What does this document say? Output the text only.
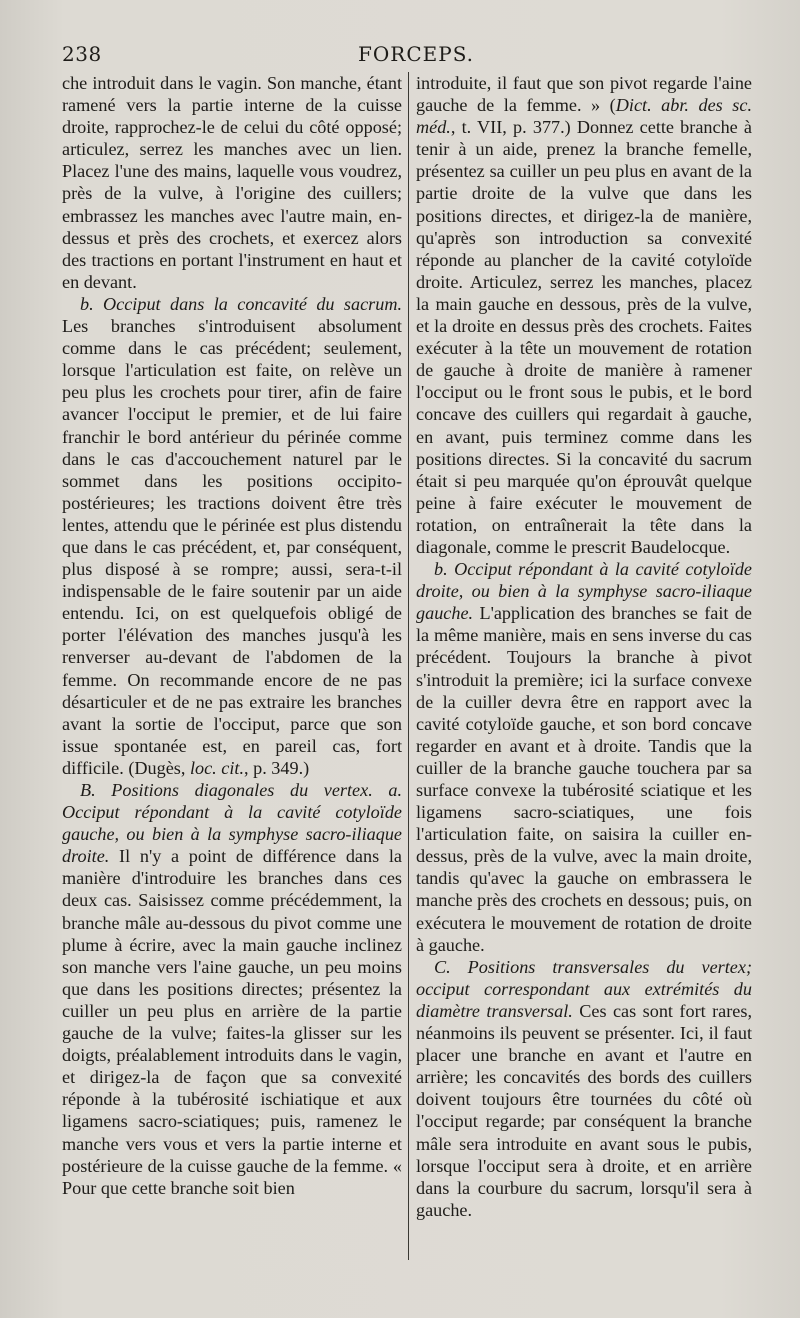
238	FORCEPS.

che introduit dans le vagin. Son manche, étant ramené vers la partie interne de la cuisse droite, rapprochez-le de celui du côté opposé; articulez, serrez les manches avec un lien. Placez l'une des mains, laquelle vous voudrez, près de la vulve, à l'origine des cuillers; embrassez les manches avec l'autre main, en-dessus et près des crochets, et exercez alors des tractions en portant l'instrument en haut et en devant.

b. Occiput dans la concavité du sacrum. Les branches s'introduisent absolument comme dans le cas précédent; seulement, lorsque l'articulation est faite, on relève un peu plus les crochets pour tirer, afin de faire avancer l'occiput le premier, et de lui faire franchir le bord antérieur du périnée comme dans le cas d'accouchement naturel par le sommet dans les positions occipito-postérieures; les tractions doivent être très lentes, attendu que le périnée est plus distendu que dans le cas précédent, et, par conséquent, plus disposé à se rompre; aussi, sera-t-il indispensable de le faire soutenir par un aide entendu. Ici, on est quelquefois obligé de porter l'élévation des manches jusqu'à les renverser au-devant de l'abdomen de la femme. On recommande encore de ne pas désarticuler et de ne pas extraire les branches avant la sortie de l'occiput, parce que son issue spontanée est, en pareil cas, fort difficile. (Dugès, loc. cit., p. 349.)

B. Positions diagonales du vertex. a. Occiput répondant à la cavité cotyloïde gauche, ou bien à la symphyse sacro-iliaque droite. Il n'y a point de différence dans la manière d'introduire les branches dans ces deux cas. Saisissez comme précédemment, la branche mâle au-dessous du pivot comme une plume à écrire, avec la main gauche inclinez son manche vers l'aine gauche, un peu moins que dans les positions directes; présentez la cuiller un peu plus en arrière de la partie gauche de la vulve; faites-la glisser sur les doigts, préalablement introduits dans le vagin, et dirigez-la de façon que sa convexité réponde à la tubérosité ischiatique et aux ligamens sacro-sciatiques; puis, ramenez le manche vers vous et vers la partie interne et postérieure de la cuisse gauche de la femme. « Pour que cette branche soit bien

introduite, il faut que son pivot regarde l'aine gauche de la femme. » (Dict. abr. des sc. méd., t. VII, p. 377.) Donnez cette branche à tenir à un aide, prenez la branche femelle, présentez sa cuiller un peu plus en avant de la partie droite de la vulve que dans les positions directes, et dirigez-la de manière, qu'après son introduction sa convexité réponde au plancher de la cavité cotyloïde droite. Articulez, serrez les manches, placez la main gauche en dessous, près de la vulve, et la droite en dessus près des crochets. Faites exécuter à la tête un mouvement de rotation de gauche à droite de manière à ramener l'occiput ou le front sous le pubis, et le bord concave des cuillers qui regardait à gauche, en avant, puis terminez comme dans les positions directes. Si la concavité du sacrum était si peu marquée qu'on éprouvât quelque peine à faire exécuter le mouvement de rotation, on entraînerait la tête dans la diagonale, comme le prescrit Baudelocque.

b. Occiput répondant à la cavité cotyloïde droite, ou bien à la symphyse sacro-iliaque gauche. L'application des branches se fait de la même manière, mais en sens inverse du cas précédent. Toujours la branche à pivot s'introduit la première; ici la surface convexe de la cuiller devra être en rapport avec la cavité cotyloïde gauche, et son bord concave regarder en avant et à droite. Tandis que la cuiller de la branche gauche touchera par sa surface convexe la tubérosité sciatique et les ligamens sacro-sciatiques, une fois l'articulation faite, on saisira la cuiller en-dessus, près de la vulve, avec la main droite, tandis qu'avec la gauche on embrassera le manche près des crochets en dessous; puis, on exécutera le mouvement de rotation de droite à gauche.

C. Positions transversales du vertex; occiput correspondant aux extrémités du diamètre transversal. Ces cas sont fort rares, néanmoins ils peuvent se présenter. Ici, il faut placer une branche en avant et l'autre en arrière; les concavités des bords des cuillers doivent toujours être tournées du côté où l'occiput regarde; par conséquent la branche mâle sera introduite en avant sous le pubis, lorsque l'occiput sera à droite, et en arrière dans la courbure du sacrum, lorsqu'il sera à gauche.
